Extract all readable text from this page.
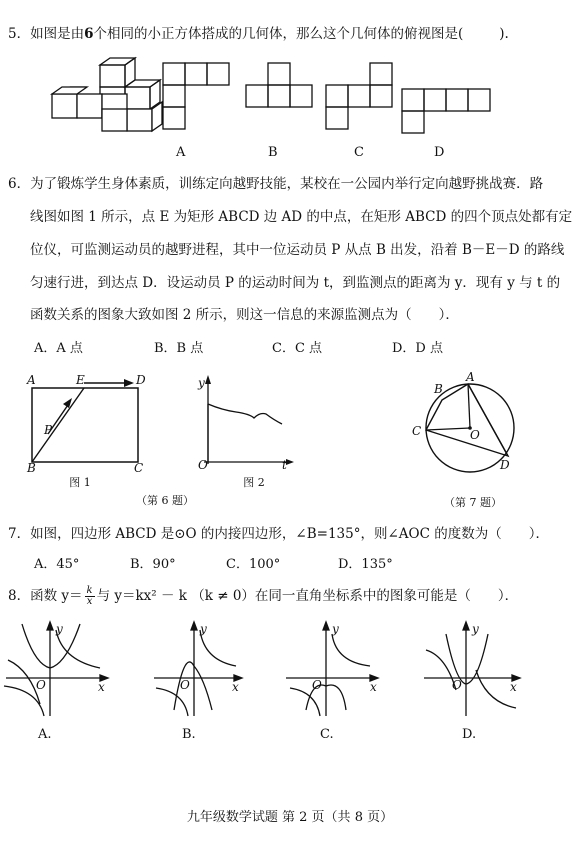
5．如图是由6个相同的小正方体搭成的几何体，那么这个几何体的俯视图是(	).
A	B	C	D
6．为了锻炼学生身体素质，训练定向越野技能，某校在一公园内举行定向越野挑战赛．路
线图如图 1 所示，点 E 为矩形 ABCD 边 AD 的中点，在矩形 ABCD 的四个顶点处都有定
位仪，可监测运动员的越野进程，其中一位运动员 P 从点 B 出发，沿着 B－E－D 的路线
匀速行进，到达点 D．设运动员 P 的运动时间为 t，到监测点的距离为 y．现有 y 与 t 的
函数关系的图象大致如图 2 所示，则这一信息的来源监测点为（　　）．
A．A 点	B．B 点	C．C 点	D．D 点
A	E	D
P
B	C
图 1
y
O	t
图 2
（第 6 题）
A
B
C	O
D
（第 7 题）
7．如图，四边形 ABCD 是⊙O 的内接四边形，∠B=135°，则∠AOC 的度数为（　　）．
A．45°	B．90°	C．100°	D．135°
8．函数 $y= \frac{k}{x}$ 与 y＝kx² － k （k ≠ 0）在同一直角坐标系中的图象可能是（　　）．
y
O	x
y
O	x
y
O	x
y
O	x
A.	B.	C.	D.
九年级数学试题 第 2 页（共 8 页）
